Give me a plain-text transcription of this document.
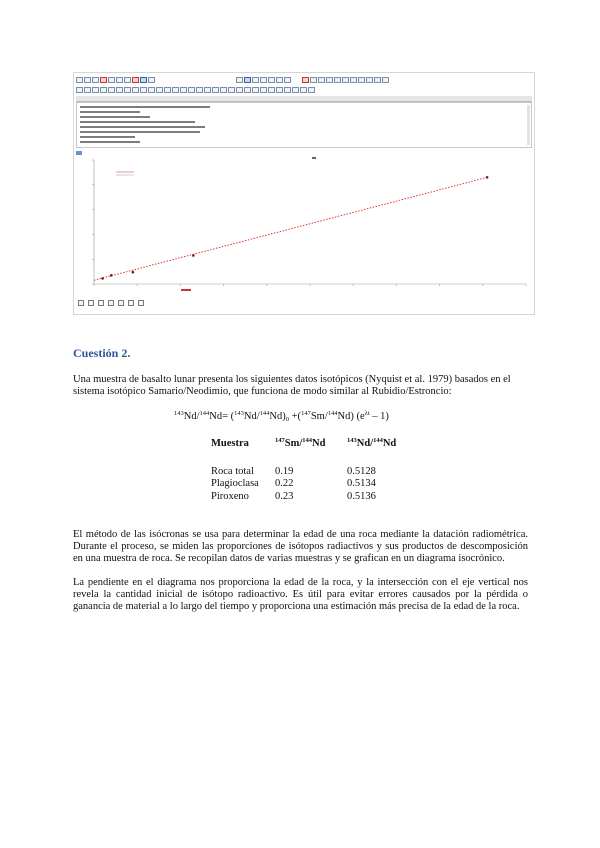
Cuestión 2.

Una muestra de basalto lunar presenta los siguientes datos isotópicos (Nyquist et al. 1979) basados en el sistema isotópico Samario/Neodimio, que funciona de modo similar al Rubidio/Estroncio:

$^{143}Nd/^{144}Nd= (^{143}Nd/^{144}Nd)_0 +(^{147}Sm/^{144}Nd)$ $(e^{\lambda t} - 1)$

Muestra	$^{147}$Sm/$^{144}$Nd	$^{143}$Nd/$^{144}$Nd
Roca total	0.19	0.5128
Plagioclasa	0.22	0.5134
Piroxeno	0.23	0.5136

El método de las isócronas se usa para determinar la edad de una roca mediante la datación radiométrica. Durante el proceso, se miden las proporciones de isótopos radiactivos y sus productos de descomposición en una muestra de roca. Se recopilan datos de varias muestras y se grafican en un diagrama isocrónico.

La pendiente en el diagrama nos proporciona la edad de la roca, y la intersección con el eje vertical nos revela la cantidad inicial de isótopo radioactivo. Es útil para evitar errores causados por la pérdida o ganancia de material a lo largo del tiempo y proporciona una estimación más precisa de la edad de la roca.
